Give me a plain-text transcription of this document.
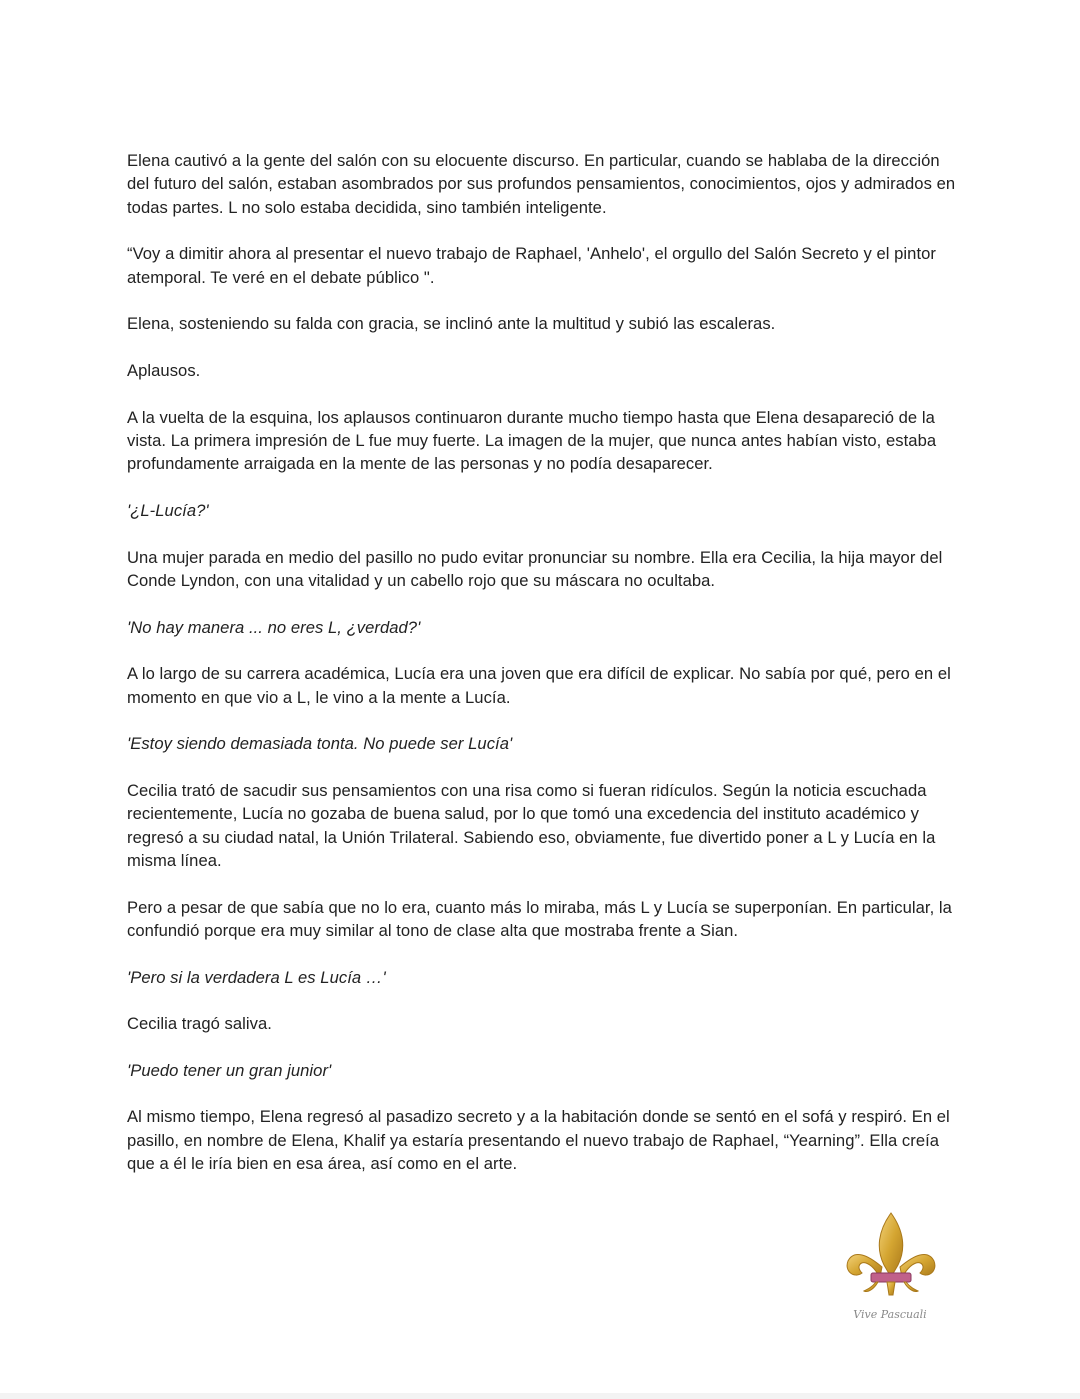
Elena cautivó a la gente del salón con su elocuente discurso. En particular, cuando se hablaba de la dirección del futuro del salón, estaban asombrados por sus profundos pensamientos, conocimientos, ojos y admirados en todas partes. L no solo estaba decidida, sino también inteligente.

“Voy a dimitir ahora al presentar el nuevo trabajo de Raphael, 'Anhelo', el orgullo del Salón Secreto y el pintor atemporal. Te veré en el debate público ".

Elena, sosteniendo su falda con gracia, se inclinó ante la multitud y subió las escaleras.

Aplausos.

A la vuelta de la esquina, los aplausos continuaron durante mucho tiempo hasta que Elena desapareció de la vista. La primera impresión de L fue muy fuerte. La imagen de la mujer, que nunca antes habían visto, estaba profundamente arraigada en la mente de las personas y no podía desaparecer.

'¿L-Lucía?'

Una mujer parada en medio del pasillo no pudo evitar pronunciar su nombre. Ella era Cecilia, la hija mayor del Conde Lyndon, con una vitalidad y un cabello rojo que su máscara no ocultaba.

'No hay manera ... no eres L, ¿verdad?'

A lo largo de su carrera académica, Lucía era una joven que era difícil de explicar. No sabía por qué, pero en el momento en que vio a L, le vino a la mente a Lucía.

'Estoy siendo demasiada tonta. No puede ser Lucía'

Cecilia trató de sacudir sus pensamientos con una risa como si fueran ridículos. Según la noticia escuchada recientemente, Lucía no gozaba de buena salud, por lo que tomó una excedencia del instituto académico y regresó a su ciudad natal, la Unión Trilateral. Sabiendo eso, obviamente, fue divertido poner a L y Lucía en la misma línea.

Pero a pesar de que sabía que no lo era, cuanto más lo miraba, más L y Lucía se superponían. En particular, la confundió porque era muy similar al tono de clase alta que mostraba frente a Sian.

'Pero si la verdadera L es Lucía …'

Cecilia tragó saliva.

'Puedo tener un gran junior'

Al mismo tiempo, Elena regresó al pasadizo secreto y a la habitación donde se sentó en el sofá y respiró. En el pasillo, en nombre de Elena, Khalif ya estaría presentando el nuevo trabajo de Raphael, “Yearning”. Ella creía que a él le iría bien en esa área, así como en el arte.

Vive Pascuali
